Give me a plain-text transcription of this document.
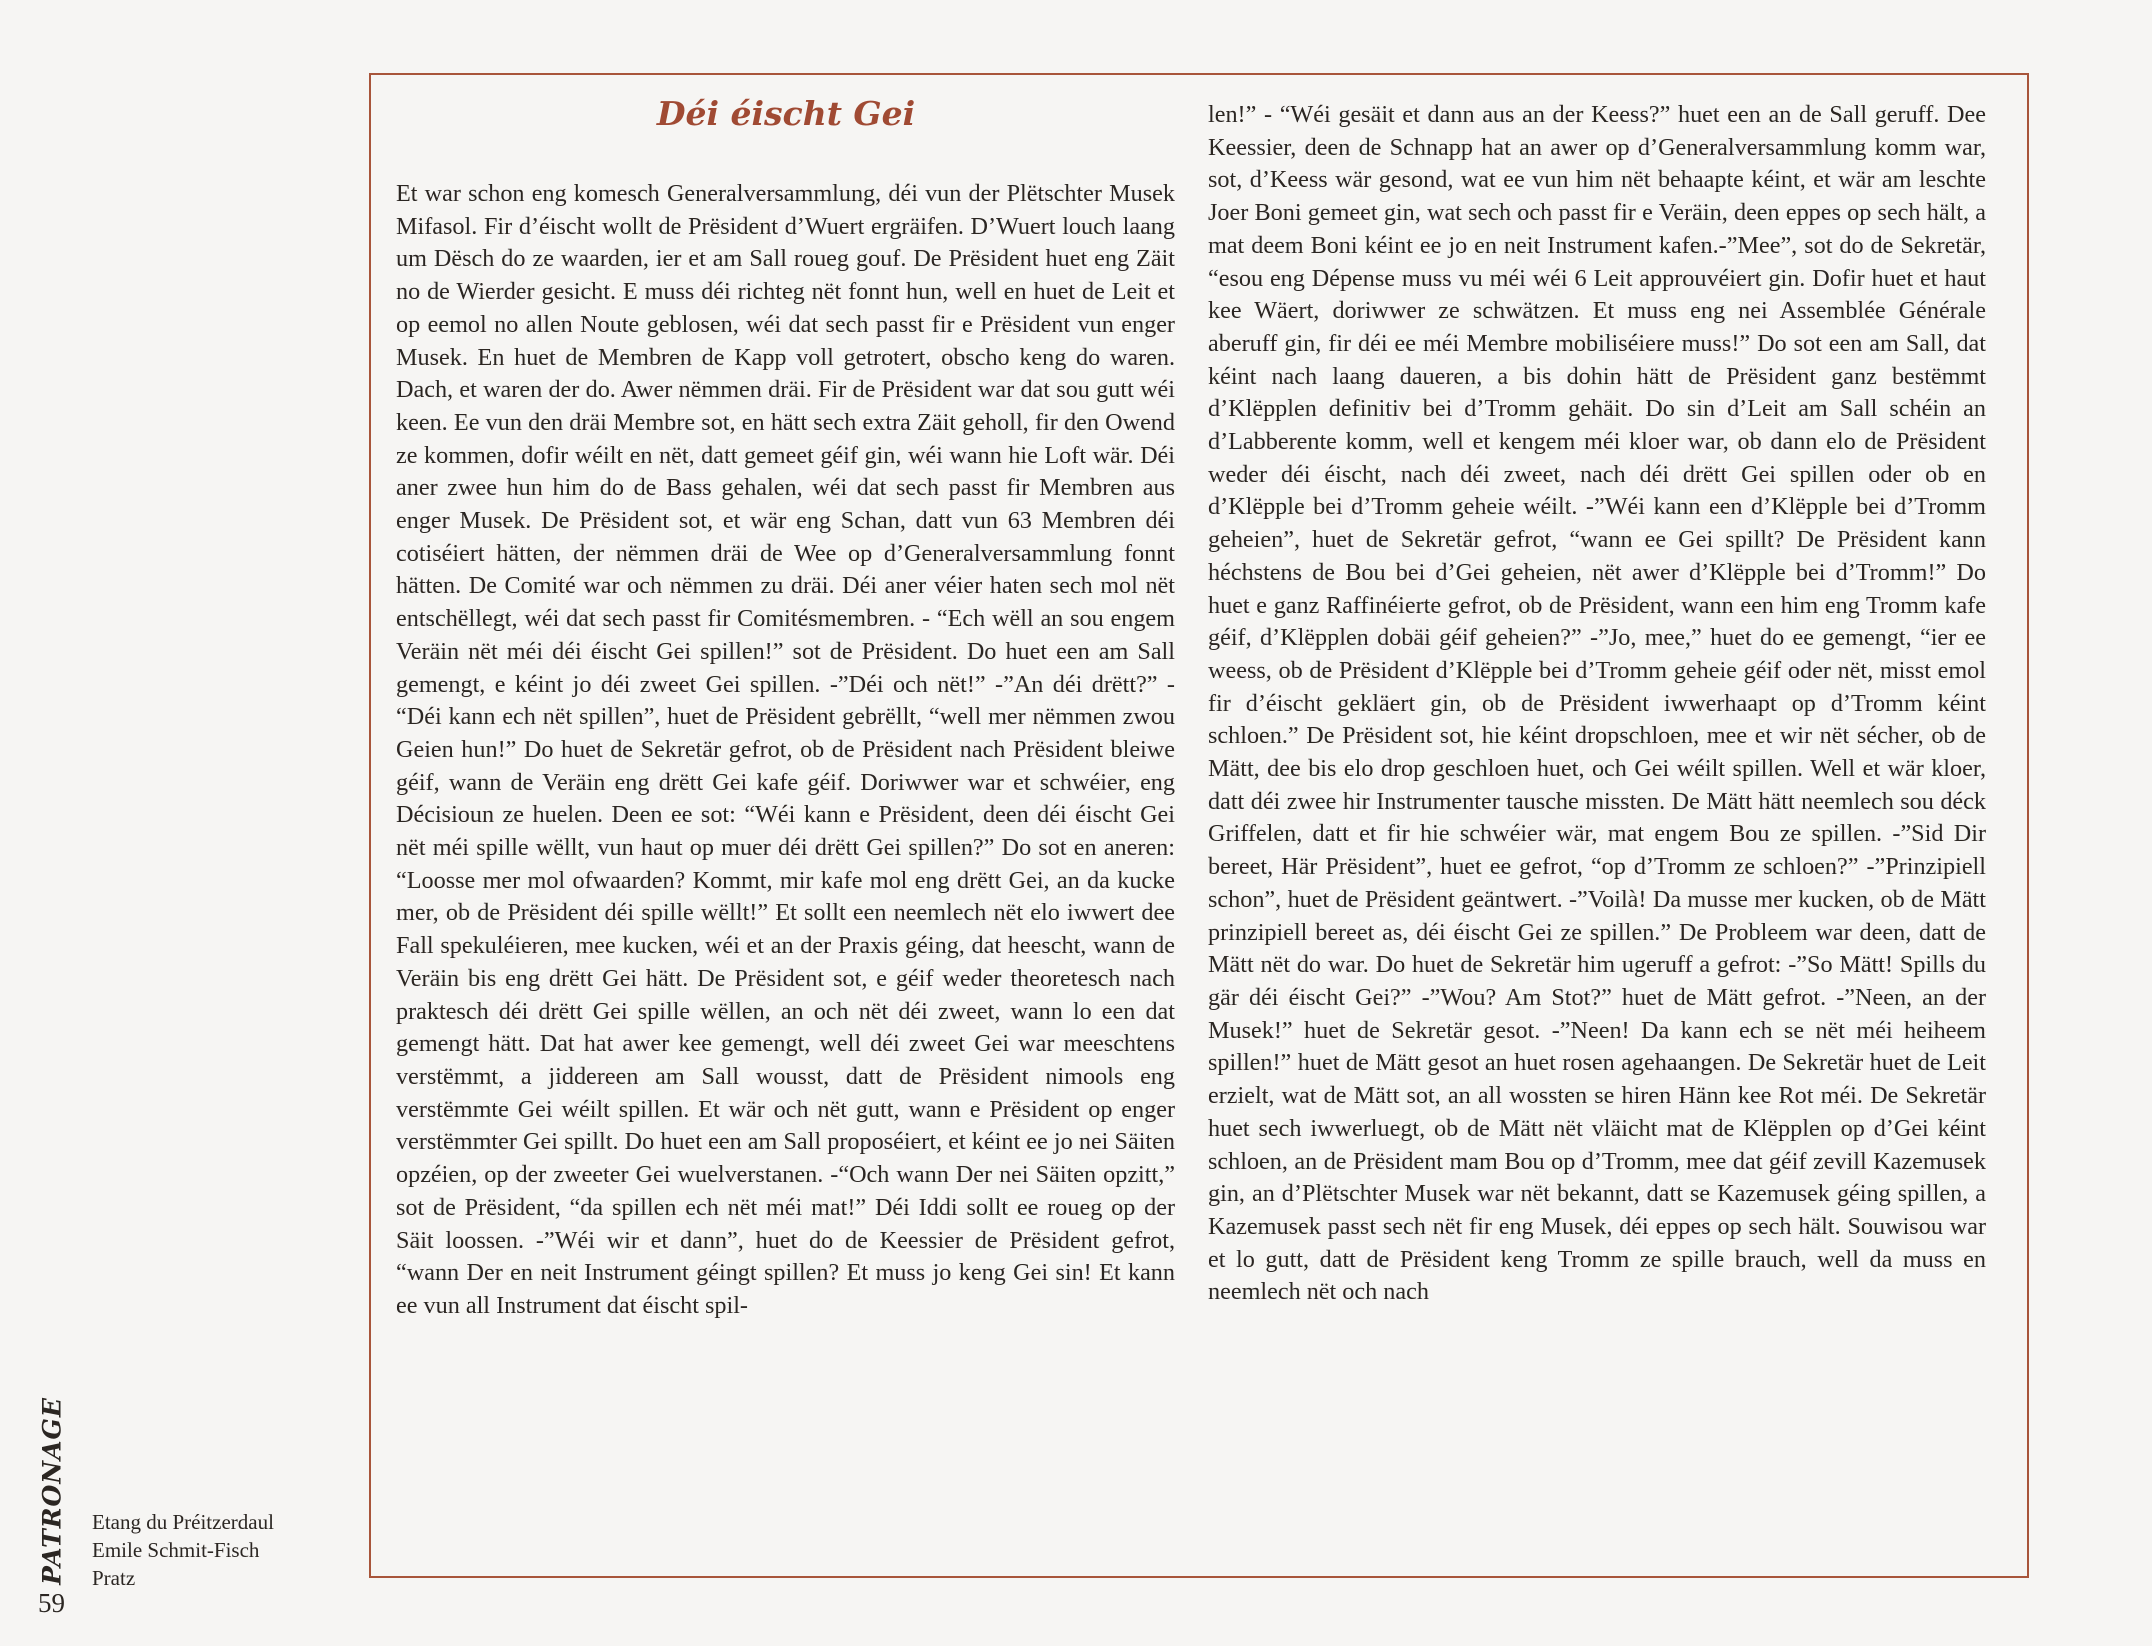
59
PATRONAGE Etang du Préitzerdaul
Emile Schmit-Fisch
Pratz
Déi éischt Gei

Et war schon eng komesch Generalversammlung, déi vun der Plëtschter Musek Mifasol. Fir d’éischt wollt de Prësident d’Wuert ergräifen. D’Wuert louch laang um Dësch do ze waarden, ier et am Sall roueg gouf. De Prësident huet eng Zäit no de Wierder gesicht. E muss déi richteg nët fonnt hun, well en huet de Leit et op eemol no allen Noute geblosen, wéi dat sech passt fir e Prësident vun enger Musek. En huet de Membren de Kapp voll getrotert, obscho keng do waren. Dach, et waren der do. Awer nëmmen dräi. Fir de Prësident war dat sou gutt wéi keen. Ee vun den dräi Membre sot, en hätt sech extra Zäit geholl, fir den Owend ze kommen, dofir wéilt en nët, datt gemeet géif gin, wéi wann hie Loft wär. Déi aner zwee hun him do de Bass gehalen, wéi dat sech passt fir Membren aus enger Musek. De Prësident sot, et wär eng Schan, datt vun 63 Membren déi cotiséiert hätten, der nëmmen dräi de Wee op d’Generalversammlung fonnt hätten. De Comité war och nëmmen zu dräi. Déi aner véier haten sech mol nët entschëllegt, wéi dat sech passt fir Comitésmembren. - “Ech wëll an sou engem Veräin nët méi déi éischt Gei spillen!” sot de Prësident. Do huet een am Sall gemengt, e kéint jo déi zweet Gei spillen. -”Déi och nët!” -”An déi drëtt?” - “Déi kann ech nët spillen”, huet de Prësident gebrëllt, “well mer nëmmen zwou Geien hun!” Do huet de Sekretär gefrot, ob de Prësident nach Prësident bleiwe géif, wann de Veräin eng drëtt Gei kafe géif. Doriwwer war et schwéier, eng Décisioun ze huelen. Deen ee sot: “Wéi kann e Prësident, deen déi éischt Gei nët méi spille wëllt, vun haut op muer déi drëtt Gei spillen?” Do sot en aneren: “Loosse mer mol ofwaarden? Kommt, mir kafe mol eng drëtt Gei, an da kucke mer, ob de Prësident déi spille wëllt!” Et sollt een neemlech nët elo iwwert dee Fall spekuléieren, mee kucken, wéi et an der Praxis géing, dat heescht, wann de Veräin bis eng drëtt Gei hätt. De Prësident sot, e géif weder theoretesch nach praktesch déi drëtt Gei spille wëllen, an och nët déi zweet, wann lo een dat gemengt hätt. Dat hat awer kee gemengt, well déi zweet Gei war meeschtens verstëmmt, a jiddereen am Sall wousst, datt de Prësident nimools eng verstëmmte Gei wéilt spillen. Et wär och nët gutt, wann e Prësident op enger verstëmmter Gei spillt. Do huet een am Sall proposéiert, et kéint ee jo nei Säiten opzéien, op der zweeter Gei wuelverstanen. -“Och wann Der nei Säiten opzitt,” sot de Prësident, “da spillen ech nët méi mat!” Déi Iddi sollt ee roueg op der Säit loossen. -”Wéi wir et dann”, huet do de Keessier de Prësident gefrot, “wann Der en neit Instrument géingt spillen? Et muss jo keng Gei sin! Et kann ee vun all Instrument dat éischt spil-

len!” - “Wéi gesäit et dann aus an der Keess?” huet een an de Sall geruff. Dee Keessier, deen de Schnapp hat an awer op d’Generalversammlung komm war, sot, d’Keess wär gesond, wat ee vun him nët behaapte kéint, et wär am leschte Joer Boni gemeet gin, wat sech och passt fir e Veräin, deen eppes op sech hält, a mat deem Boni kéint ee jo en neit Instrument kafen.-”Mee”, sot do de Sekretär, “esou eng Dépense muss vu méi wéi 6 Leit approuvéiert gin. Dofir huet et haut kee Wäert, doriwwer ze schwätzen. Et muss eng nei Assemblée Générale aberuff gin, fir déi ee méi Membre mobiliséiere muss!” Do sot een am Sall, dat kéint nach laang daueren, a bis dohin hätt de Prësident ganz bestëmmt d’Klëpplen definitiv bei d’Tromm gehäit. Do sin d’Leit am Sall schéin an d’Labberente komm, well et kengem méi kloer war, ob dann elo de Prësident weder déi éischt, nach déi zweet, nach déi drëtt Gei spillen oder ob en d’Klëpple bei d’Tromm geheie wéilt. -”Wéi kann een d’Klëpple bei d’Tromm geheien”, huet de Sekretär gefrot, “wann ee Gei spillt? De Prësident kann héchstens de Bou bei d’Gei geheien, nët awer d’Klëpple bei d’Tromm!” Do huet e ganz Raffinéierte gefrot, ob de Prësident, wann een him eng Tromm kafe géif, d’Klëpplen dobäi géif geheien?” -”Jo, mee,” huet do ee gemengt, “ier ee weess, ob de Prësident d’Klëpple bei d’Tromm geheie géif oder nët, misst emol fir d’éischt gekläert gin, ob de Prësident iwwerhaapt op d’Tromm kéint schloen.” De Prësident sot, hie kéint dropschloen, mee et wir nët sécher, ob de Mätt, dee bis elo drop geschloen huet, och Gei wéilt spillen. Well et wär kloer, datt déi zwee hir Instrumenter tausche missten. De Mätt hätt neemlech sou déck Griffelen, datt et fir hie schwéier wär, mat engem Bou ze spillen. -”Sid Dir bereet, Här Prësident”, huet ee gefrot, “op d’Tromm ze schloen?” -”Prinzipiell schon”, huet de Prësident geäntwert. -”Voilà! Da musse mer kucken, ob de Mätt prinzipiell bereet as, déi éischt Gei ze spillen.” De Probleem war deen, datt de Mätt nët do war. Do huet de Sekretär him ugeruff a gefrot: -”So Mätt! Spills du gär déi éischt Gei?” -”Wou? Am Stot?” huet de Mätt gefrot. -”Neen, an der Musek!” huet de Sekretär gesot. -”Neen! Da kann ech se nët méi heiheem spillen!” huet de Mätt gesot an huet rosen agehaangen. De Sekretär huet de Leit erzielt, wat de Mätt sot, an all wossten se hiren Hänn kee Rot méi. De Sekretär huet sech iwwerluegt, ob de Mätt nët vläicht mat de Klëpplen op d’Gei kéint schloen, an de Prësident mam Bou op d’Tromm, mee dat géif zevill Kazemusek gin, an d’Plëtschter Musek war nët bekannt, datt se Kazemusek géing spillen, a Kazemusek passt sech nët fir eng Musek, déi eppes op sech hält. Souwisou war et lo gutt, datt de Prësident keng Tromm ze spille brauch, well da muss en neemlech nët och nach
